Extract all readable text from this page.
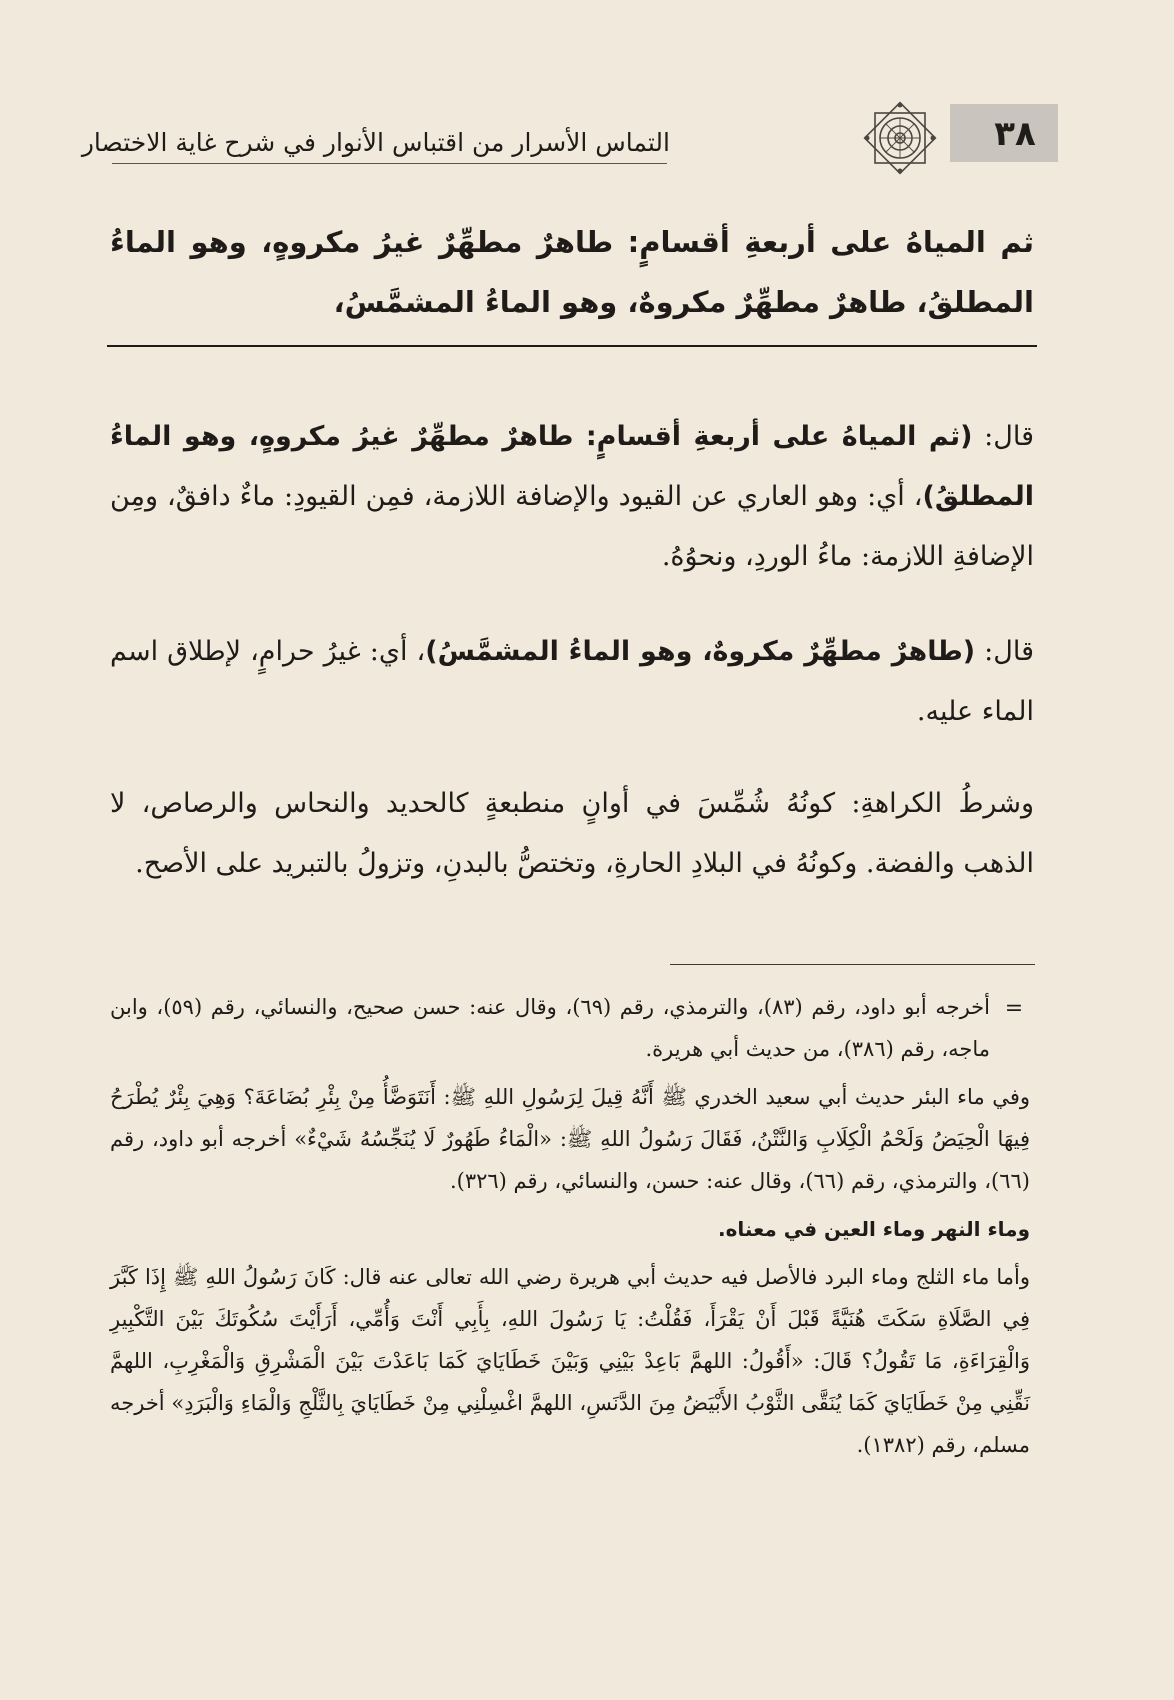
٣٨
التماس الأسرار من اقتباس الأنوار في شرح غاية الاختصار
ثم المياهُ على أربعةِ أقسامٍ: طاهرٌ مطهِّرٌ غيرُ مكروهٍ، وهو الماءُ المطلقُ، طاهرٌ مطهِّرٌ مكروهٌ، وهو الماءُ المشمَّسُ،
قال: (ثم المياهُ على أربعةِ أقسامٍ: طاهرٌ مطهِّرٌ غيرُ مكروهٍ، وهو الماءُ المطلقُ)، أي: وهو العاري عن القيود والإضافة اللازمة، فمِن القيودِ: ماءٌ دافقٌ، ومِن الإضافةِ اللازمة: ماءُ الوردِ، ونحوُهُ.
قال: (طاهرٌ مطهِّرٌ مكروهٌ، وهو الماءُ المشمَّسُ)، أي: غيرُ حرامٍ، لإطلاق اسم الماء عليه.
وشرطُ الكراهةِ: كونُهُ شُمِّسَ في أوانٍ منطبعةٍ كالحديد والنحاس والرصاص، لا الذهب والفضة. وكونُهُ في البلادِ الحارةِ، وتختصُّ بالبدنِ، وتزولُ بالتبريد على الأصح.
=

أخرجه أبو داود، رقم (٨٣)، والترمذي، رقم (٦٩)، وقال عنه: حسن صحيح، والنسائي، رقم (٥٩)، وابن ماجه، رقم (٣٨٦)، من حديث أبي هريرة.

وفي ماء البئر حديث أبي سعيد الخدري ﷺ أَنَّهُ قِيلَ لِرَسُولِ اللهِ ﷺ: أَنَتَوَضَّأُ مِنْ بِئْرِ بُضَاعَةَ؟ وَهِيَ بِئْرٌ يُطْرَحُ فِيهَا الْحِيَضُ وَلَحْمُ الْكِلَابِ وَالنَّتْنُ، فَقَالَ رَسُولُ اللهِ ﷺ: «الْمَاءُ طَهُورٌ لَا يُنَجِّسُهُ شَيْءٌ» أخرجه أبو داود، رقم (٦٦)، والترمذي، رقم (٦٦)، وقال عنه: حسن، والنسائي، رقم (٣٢٦).

وماء النهر وماء العين في معناه.

وأما ماء الثلج وماء البرد فالأصل فيه حديث أبي هريرة رضي الله تعالى عنه قال: كَانَ رَسُولُ اللهِ ﷺ إِذَا كَبَّرَ فِي الصَّلَاةِ سَكَتَ هُنَيَّةً قَبْلَ أَنْ يَقْرَأَ، فَقُلْتُ: يَا رَسُولَ اللهِ، بِأَبِي أَنْتَ وَأُمِّي، أَرَأَيْتَ سُكُوتَكَ بَيْنَ التَّكْبِيرِ وَالْقِرَاءَةِ، مَا تَقُولُ؟ قَالَ: «أَقُولُ: اللهمَّ بَاعِدْ بَيْنِي وَبَيْنَ خَطَايَايَ كَمَا بَاعَدْتَ بَيْنَ الْمَشْرِقِ وَالْمَغْرِبِ، اللهمَّ نَقِّنِي مِنْ خَطَايَايَ كَمَا يُنَقَّى الثَّوْبُ الأَبْيَضُ مِنَ الدَّنَسِ، اللهمَّ اغْسِلْنِي مِنْ خَطَايَايَ بِالثَّلْجِ وَالْمَاءِ وَالْبَرَدِ» أخرجه مسلم، رقم (١٣٨٢).
